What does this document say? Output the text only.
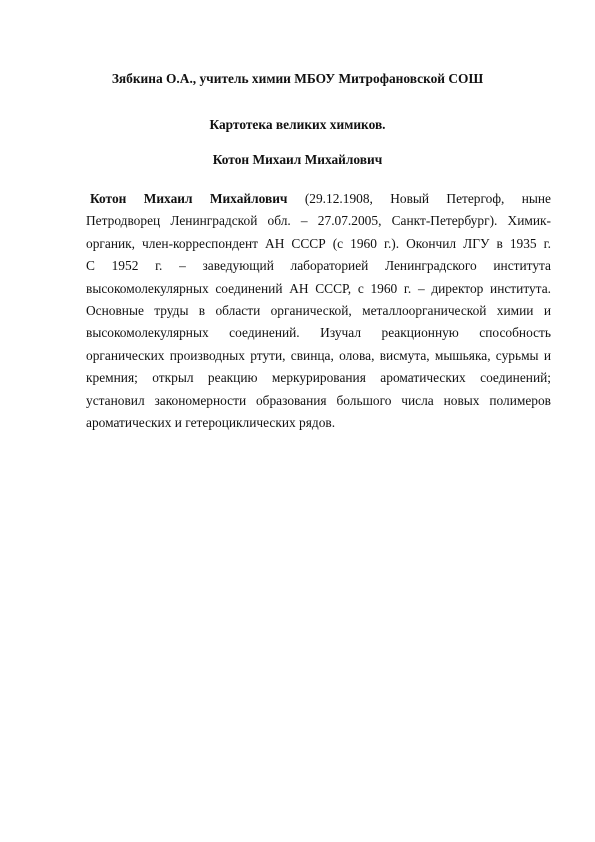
Зябкина О.А., учитель химии МБОУ Митрофановской СОШ
Картотека великих химиков.
Котон Михаил Михайлович
Котон Михаил Михайлович (29.12.1908, Новый Петергоф, ныне
Петродворец Ленинградской обл. – 27.07.2005, Санкт-Петербург). Химик-
органик, член-корреспондент АН СССР (с 1960 г.). Окончил ЛГУ в 1935 г.
С 1952 г. – заведующий лабораторией Ленинградского института
высокомолекулярных соединений АН СССР, с 1960 г. – директор института.
Основные труды в области органической, металлоорганической химии и
высокомолекулярных соединений. Изучал реакционную способность
органических производных ртути, свинца, олова, висмута, мышьяка, сурьмы и
кремния; открыл реакцию меркурирования ароматических соединений;
установил закономерности образования большого числа новых полимеров
ароматических и гетероциклических рядов.
